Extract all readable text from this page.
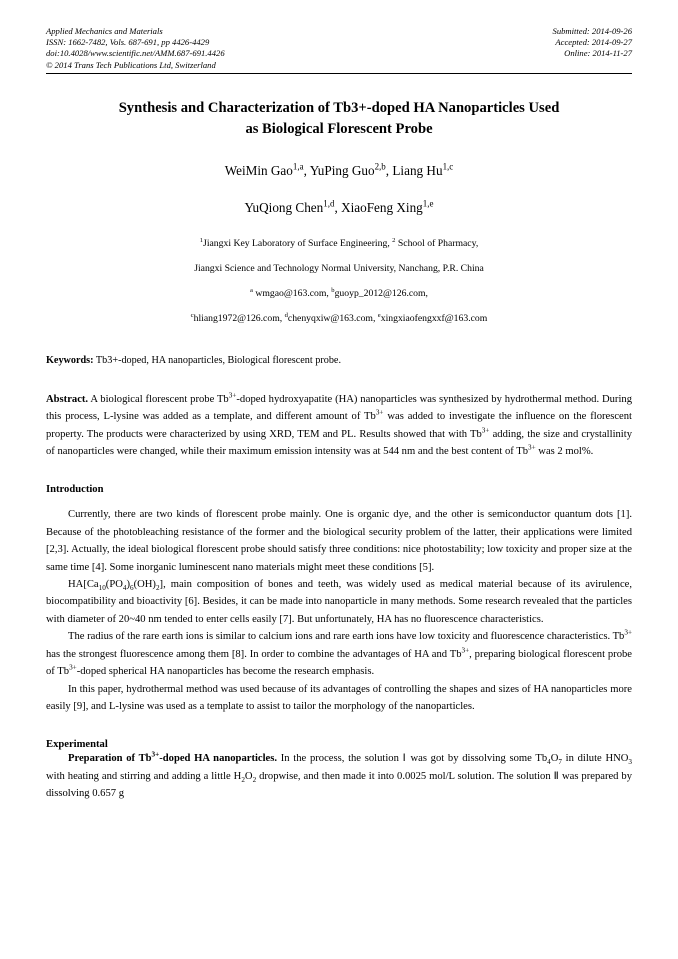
Applied Mechanics and Materials
ISSN: 1662-7482, Vols. 687-691, pp 4426-4429
doi:10.4028/www.scientific.net/AMM.687-691.4426
© 2014 Trans Tech Publications Ltd, Switzerland
Submitted: 2014-09-26
Accepted: 2014-09-27
Online: 2014-11-27
Synthesis and Characterization of Tb3+-doped HA Nanoparticles Used
as Biological Florescent Probe
WeiMin Gao$^{1,a}$, YuPing Guo$^{2,b}$, Liang Hu$^{1,c}$
YuQiong Chen$^{1,d}$, XiaoFeng Xing$^{1,e}$
$^1$Jiangxi Key Laboratory of Surface Engineering, $^2$ School of Pharmacy,
Jiangxi Science and Technology Normal University, Nanchang, P.R. China
$^a$ wmgao@163.com, $^b$guoyp_2012@126.com,
$^c$hliang1972@126.com, $^d$chenyqxiw@163.com, $^e$xingxiaofengxxf@163.com
Keywords: Tb3+-doped, HA nanoparticles, Biological florescent probe.
Abstract. A biological florescent probe $Tb^{3+}$-doped hydroxyapatite (HA) nanoparticles was synthesized by hydrothermal method. During this process, L-lysine was added as a template, and different amount of $Tb^{3+}$ was added to investigate the influence on the florescent property. The products were characterized by using XRD, TEM and PL. Results showed that with $Tb^{3+}$ adding, the size and crystallinity of nanoparticles were changed, while their maximum emission intensity was at 544 nm and the best content of $Tb^{3+}$ was 2 mol%.
Introduction

Currently, there are two kinds of florescent probe mainly. One is organic dye, and the other is semiconductor quantum dots [1]. Because of the photobleaching resistance of the former and the biological security problem of the latter, their applications were limited [2,3]. Actually, the ideal biological florescent probe should satisfy three conditions: nice photostability; low toxicity and proper size at the same time [4]. Some inorganic luminescent nano materials might meet these conditions [5].

$HA[Ca_{10}(PO_4)_6(OH)_2]$, main composition of bones and teeth, was widely used as medical material because of its avirulence, biocompatibility and bioactivity [6]. Besides, it can be made into nanoparticle in many methods. Some research revealed that the particles with diameter of 20~40 nm tended to enter cells easily [7]. But unfortunately, HA has no fluorescence characteristics.

The radius of the rare earth ions is similar to calcium ions and rare earth ions have low toxicity and fluorescence characteristics. $Tb^{3+}$ has the strongest fluorescence among them [8]. In order to combine the advantages of HA and $Tb^{3+}$, preparing biological florescent probe of $Tb^{3+}$-doped spherical HA nanoparticles has become the research emphasis.

In this paper, hydrothermal method was used because of its advantages of controlling the shapes and sizes of HA nanoparticles more easily [9], and L-lysine was used as a template to assist to tailor the morphology of the nanoparticles.

Experimental

Preparation of $Tb^{3+}$-doped HA nanoparticles. In the process, the solution Ⅰ was got by dissolving some $Tb_4O_7$ in dilute $HNO_3$ with heating and stirring and adding a little $H_2O_2$ dropwise, and then made it into 0.0025 mol/L solution. The solution Ⅱ was prepared by dissolving 0.657 g
